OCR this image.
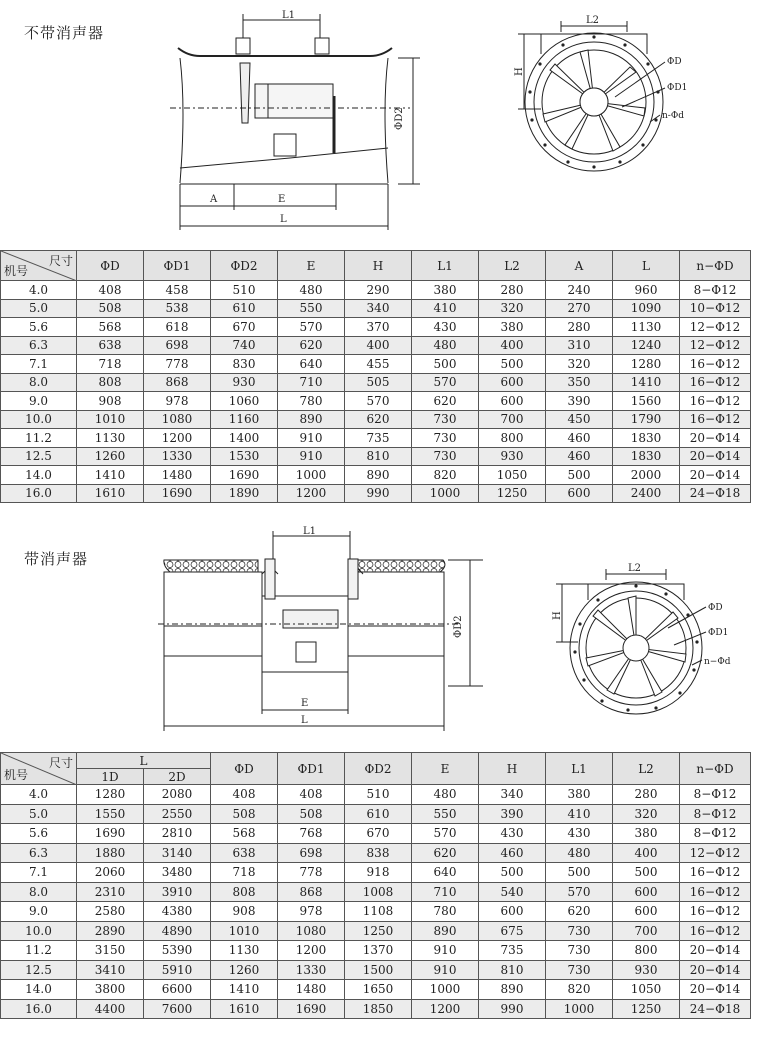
不带消声器
L1
ΦD2
A	E
L
L2
H
ΦD
ΦD1
n-Φd
尺寸
机号	ΦD	ΦD1	ΦD2	E	H	L1	L2	A	L	n−ΦD
4.0	408	458	510	480	290	380	280	240	960	8−Φ12
5.0	508	538	610	550	340	410	320	270	1090	10−Φ12
5.6	568	618	670	570	370	430	380	280	1130	12−Φ12
6.3	638	698	740	620	400	480	400	310	1240	12−Φ12
7.1	718	778	830	640	455	500	500	320	1280	16−Φ12
8.0	808	868	930	710	505	570	600	350	1410	16−Φ12
9.0	908	978	1060	780	570	620	600	390	1560	16−Φ12
10.0	1010	1080	1160	890	620	730	700	450	1790	16−Φ12
11.2	1130	1200	1400	910	735	730	800	460	1830	20−Φ14
12.5	1260	1330	1530	910	810	730	930	460	1830	20−Φ14
14.0	1410	1480	1690	1000	890	820	1050	500	2000	20−Φ14
16.0	1610	1690	1890	1200	990	1000	1250	600	2400	24−Φ18
带消声器
L1
ΦD2
E
L
L2
H
ΦD
ΦD1
n−Φd
尺寸
机号	L		ΦD	ΦD1	ΦD2	E	H	L1	L2	n−ΦD
	1D	2D								
4.0	1280	2080	408	408	510	480	340	380	280	8−Φ12
5.0	1550	2550	508	508	610	550	390	410	320	8−Φ12
5.6	1690	2810	568	768	670	570	430	430	380	8−Φ12
6.3	1880	3140	638	698	838	620	460	480	400	12−Φ12
7.1	2060	3480	718	778	918	640	500	500	500	16−Φ12
8.0	2310	3910	808	868	1008	710	540	570	600	16−Φ12
9.0	2580	4380	908	978	1108	780	600	620	600	16−Φ12
10.0	2890	4890	1010	1080	1250	890	675	730	700	16−Φ12
11.2	3150	5390	1130	1200	1370	910	735	730	800	20−Φ14
12.5	3410	5910	1260	1330	1500	910	810	730	930	20−Φ14
14.0	3800	6600	1410	1480	1650	1000	890	820	1050	20−Φ14
16.0	4400	7600	1610	1690	1850	1200	990	1000	1250	24−Φ18
